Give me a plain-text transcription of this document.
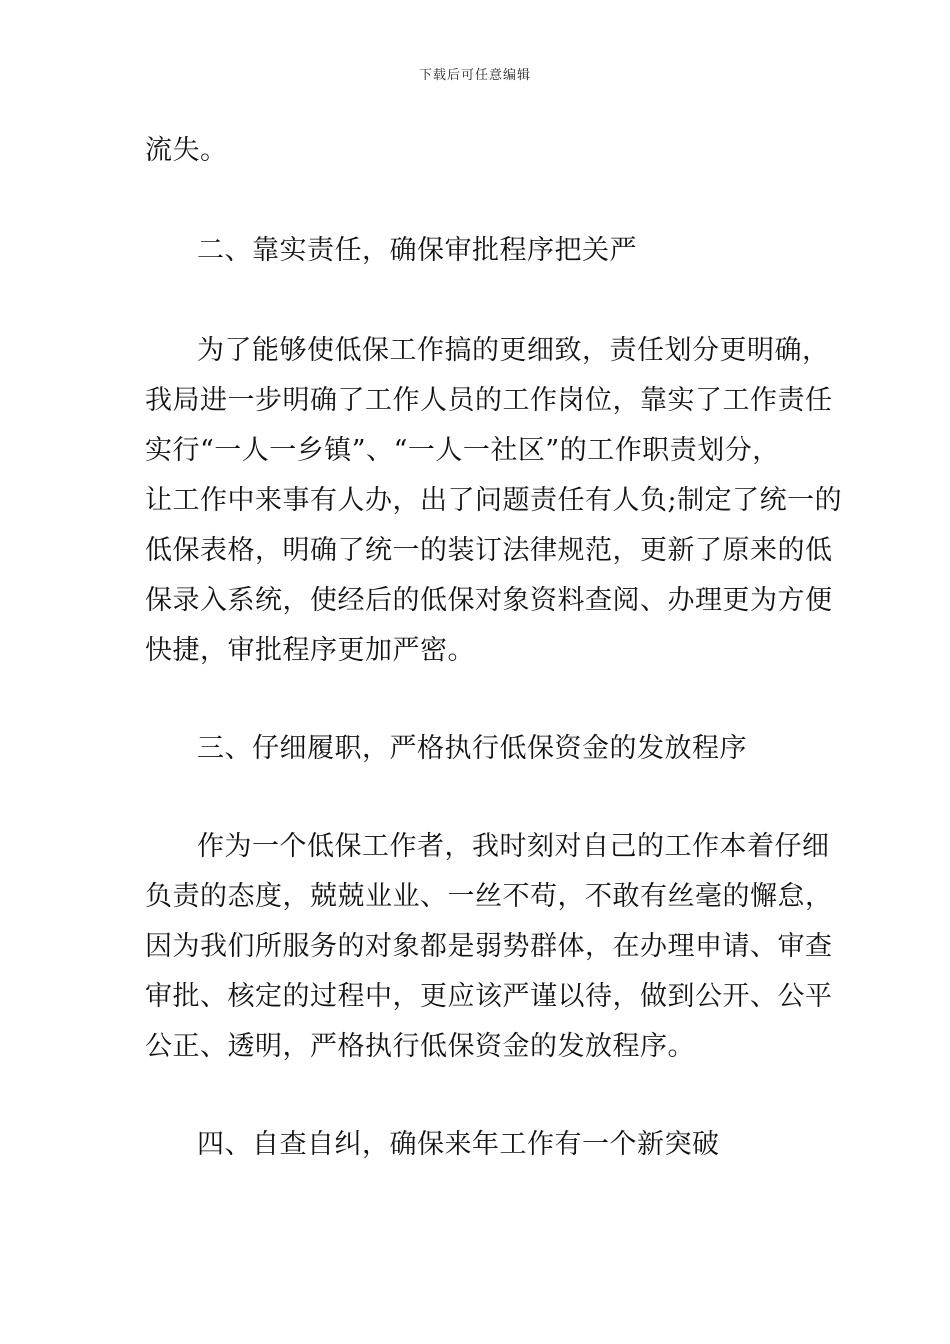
下载后可任意编辑
流失。
二、靠实责任，确保审批程序把关严
为了能够使低保工作搞的更细致，责任划分更明确，
我局进一步明确了工作人员的工作岗位，靠实了工作责任
实行“一人一乡镇”、“一人一社区”的工作职责划分，
让工作中来事有人办，出了问题责任有人负;制定了统一的
低保表格，明确了统一的装订法律规范，更新了原来的低
保录入系统，使经后的低保对象资料查阅、办理更为方便
快捷，审批程序更加严密。
三、仔细履职，严格执行低保资金的发放程序
作为一个低保工作者，我时刻对自己的工作本着仔细
负责的态度，兢兢业业、一丝不苟，不敢有丝毫的懈怠，
因为我们所服务的对象都是弱势群体，在办理申请、审查
审批、核定的过程中，更应该严谨以待，做到公开、公平
公正、透明，严格执行低保资金的发放程序。
四、自查自纠，确保来年工作有一个新突破
